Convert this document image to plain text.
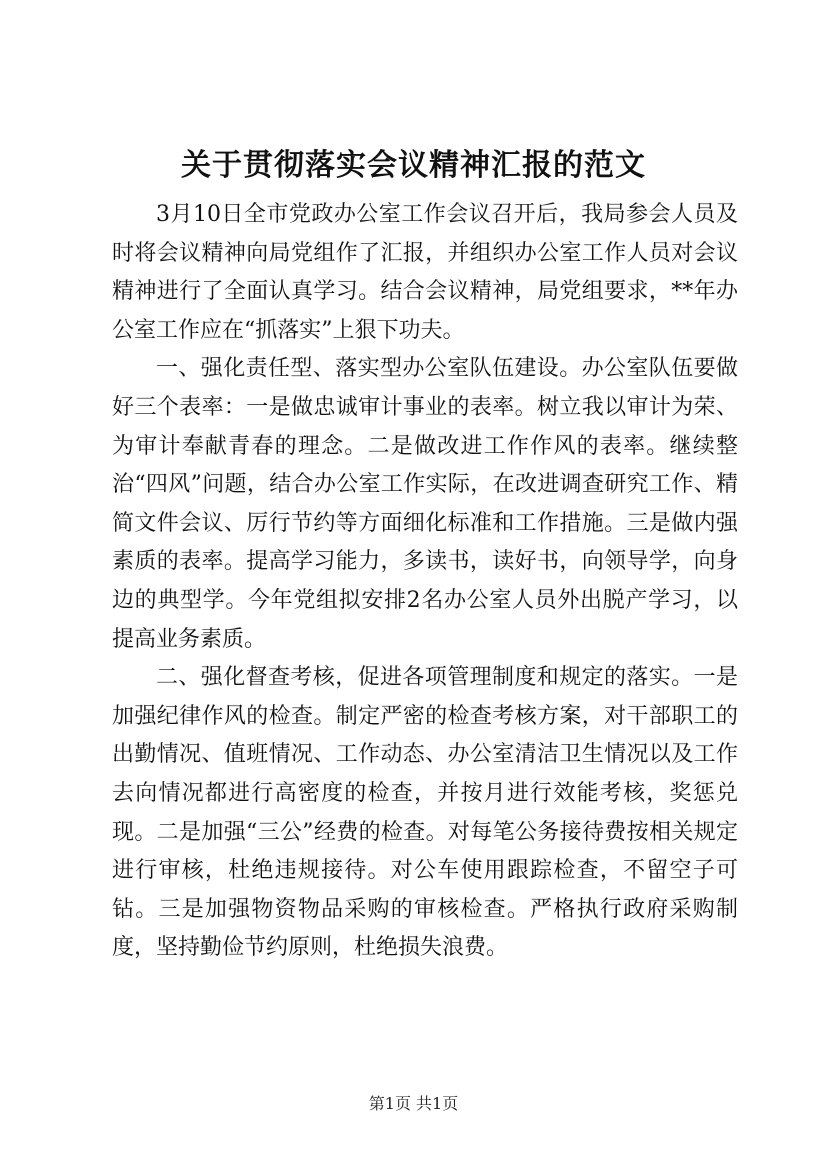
关于贯彻落实会议精神汇报的范文

3月10日全市党政办公室工作会议召开后，我局参会人员及时将会议精神向局党组作了汇报，并组织办公室工作人员对会议精神进行了全面认真学习。结合会议精神，局党组要求，**年办公室工作应在“抓落实”上狠下功夫。

一、强化责任型、落实型办公室队伍建设。办公室队伍要做好三个表率：一是做忠诚审计事业的表率。树立我以审计为荣、为审计奉献青春的理念。二是做改进工作作风的表率。继续整治“四风”问题，结合办公室工作实际，在改进调查研究工作、精简文件会议、厉行节约等方面细化标准和工作措施。三是做内强素质的表率。提高学习能力，多读书，读好书，向领导学，向身边的典型学。今年党组拟安排2名办公室人员外出脱产学习，以提高业务素质。

二、强化督查考核，促进各项管理制度和规定的落实。一是加强纪律作风的检查。制定严密的检查考核方案，对干部职工的出勤情况、值班情况、工作动态、办公室清洁卫生情况以及工作去向情况都进行高密度的检查，并按月进行效能考核，奖惩兑现。二是加强“三公”经费的检查。对每笔公务接待费按相关规定进行审核，杜绝违规接待。对公车使用跟踪检查，不留空子可钻。三是加强物资物品采购的审核检查。严格执行政府采购制度，坚持勤俭节约原则，杜绝损失浪费。

第1页 共1页
